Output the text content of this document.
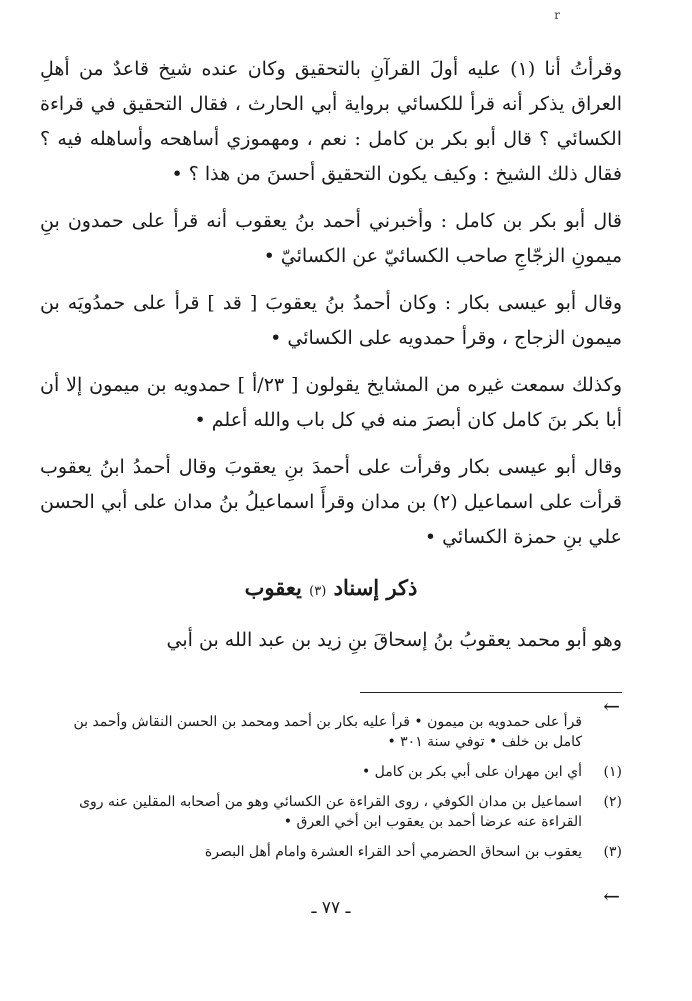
r

وقرأتُ أنا (١) عليه أولَ القرآنِ بالتحقيق وكان عنده شيخ قاعدٌ من أهلِ العراق يذكر أنه قرأ للكسائي برواية أبي الحارث ، فقال التحقيق في قراءة الكسائي ؟ قال أبو بكر بن كامل : نعم ، ومهموزي أساهحه وأساهله فيه ؟ فقال ذلك الشيخ : وكيف يكون التحقيق أحسنَ من هذا ؟ •

قال أبو بكر بن كامل : وأخبرني أحمد بنُ يعقوب أنه قرأ على حمدون بنِ ميمونِ الزجّاجِ صاحب الكسائيّ عن الكسائيّ •

وقال أبو عيسى بكار : وكان أحمدُ بنُ يعقوبَ [ قد ] قرأ على حمدُويَه بن ميمون الزجاج ، وقرأ حمدويه على الكسائي •

وكذلك سمعت غيره من المشايخ يقولون [ ٢٣/أ ] حمدويه بن ميمون إلا أن أبا بكر بنَ كامل كان أبصرَ منه في كل باب والله أعلم •

وقال أبو عيسى بكار وقرأت على أحمدَ بنِ يعقوبَ وقال أحمدُ ابنُ يعقوب قرأت على اسماعيل (٢) بن مدان وقرأَ اسماعيلُ بنُ مدان على أبي الحسن علي بنِ حمزة الكسائي •

ذكر إسناد (٣) يعقوب

وهو أبو محمد يعقوبُ بنُ إسحاقَ بنِ زيد بن عبد الله بن أبي

←

قرأ على حمدويه بن ميمون • قرأ عليه بكار بن أحمد ومحمد بن الحسن النقاش وأحمد بن كامل بن خلف • توفي سنة ٣٠١ •

(١)
أي ابن مهران على أبي بكر بن كامل •
(٢)
اسماعيل بن مدان الكوفي ، روى القراءة عن الكسائي وهو من أصحابه المقلين عنه روى القراءة عنه عرضا أحمد بن يعقوب ابن أخي العرق •
(٣)
يعقوب بن اسحاق الحضرمي أحد القراء العشرة وامام أهل البصرة
←
ـ ٧٧ ـ
